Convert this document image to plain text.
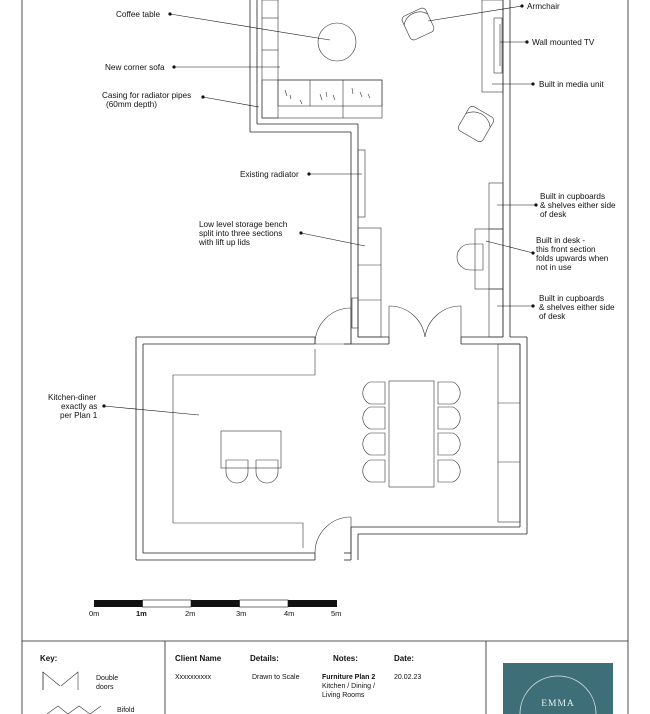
Armchair
Coffee table
Wall mounted TV
New corner sofa
Built in media unit
Casing for radiator pipes
(60mm depth)
Existing radiator
Built in cupboards
& shelves either side
of desk
Low level storage bench
split into three sections
with lift up lids	Built in desk -
this front section
folds upwards when
not in use
Built in cupboards
& shelves either side
of desk
Kitchen-diner
exactly as
per Plan 1
0m	1m	2m	3m	4m	5m
Key:
Double
doors
Bifold
Client Name
Xxxxxxxxxx
Details:
Drawn to Scale
Notes:
Furniture Plan 2
Kitchen / Dining /
Living Rooms
Date:
20.02.23
EMMA
